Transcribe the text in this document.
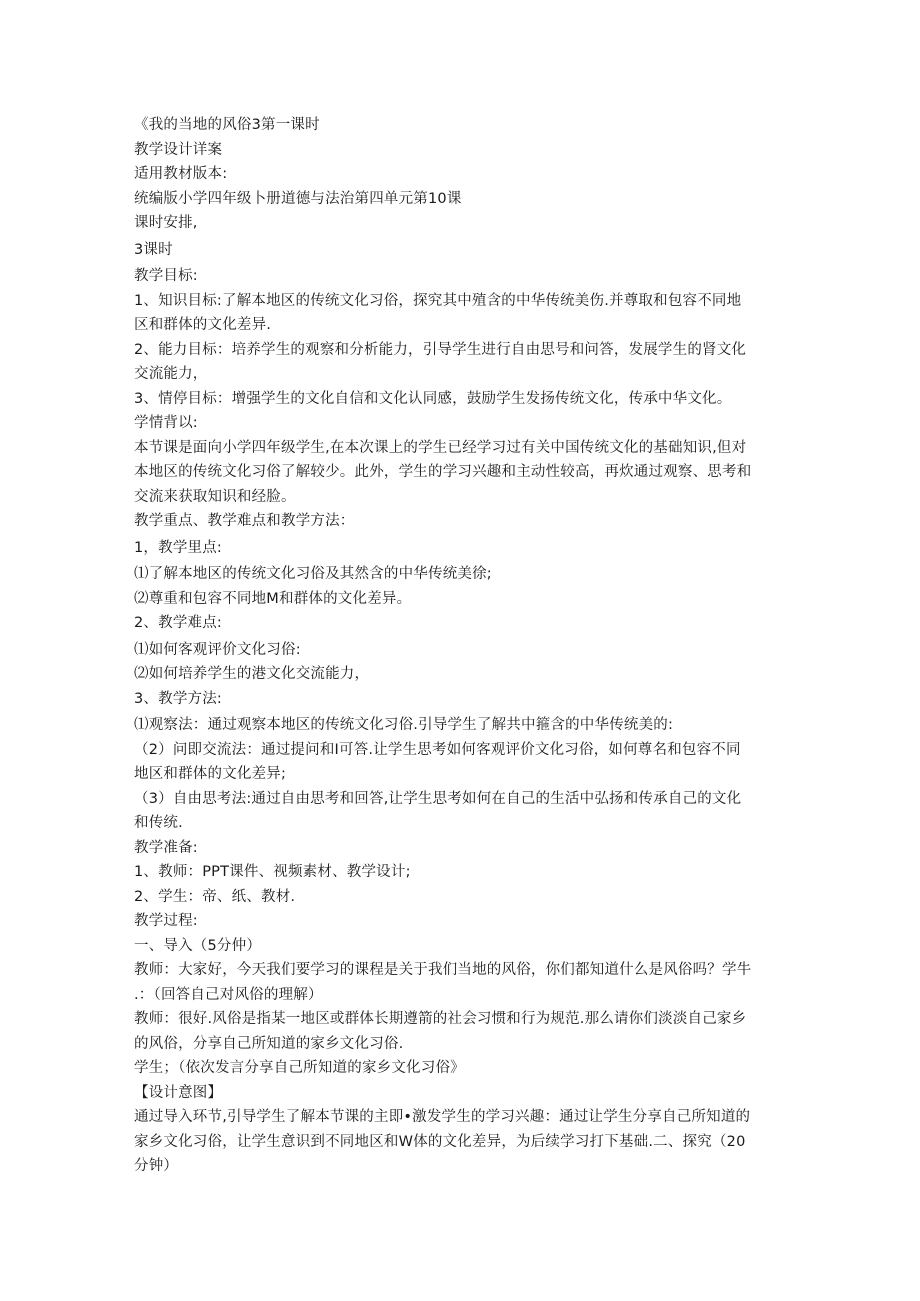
《我的当地的风俗3第一课时
教学设计详案
适用教材版本:
统编版小学四年级卜册道德与法治第四单元第10课
课时安排,
3课时
教学目标:
1、知识目标:了解本地区的传统文化习俗，探究其中殖含的中华传统美伤.并尊取和包容不同地
区和群体的文化差异.
2、能力目标：培养学生的观察和分析能力，引导学生进行自由思号和问答，发展学生的肾文化
交流能力，
3、情停目标：增强学生的文化自信和文化认同感，鼓励学生发扬传统文化，传承中华文化。
学情背以:
本节课是面向小学四年级学生,在本次课上的学生已经学习过有关中国传统文化的基础知识,但对
本地区的传统文化习俗了解较少。此外，学生的学习兴趣和主动性较高，再炊通过观察、思考和
交流来获取知识和经脸。
教学重点、教学难点和教学方法：
1，教学里点:
⑴了解本地区的传统文化习俗及其然含的中华传统美徐;
⑵尊重和包容不同地M和群体的文化差异。
2、教学难点:
⑴如何客观评价文化习俗:
⑵如何培养学生的港文化交流能力，
3、教学方法:
⑴观察法：通过观察本地区的传统文化习俗.引导学生了解共中箍含的中华传统美的:
（2）问即交流法：通过提问和I可答.让学生思考如何客观评价文化习俗，如何尊名和包容不同
地区和群体的文化差异;
（3）自由思考法:通过自由思考和回答,让学生思考如何在自己的生活中弘扬和传承自己的文化
和传统.
教学准备:
1、教师：PPT课件、视频素材、教学设计;
2、学生：帝、纸、教材.
教学过程:
一、导入（5分仲）
教师：大家好，今天我们要学习的课程是关于我们当地的风俗，你们都知道什么是风俗吗？学牛
.：（回答自己对风俗的理解）
教师：很好.风俗是指某一地区或群体长期遵箭的社会习惯和行为规范.那么请你们淡淡自己家乡
的风俗，分享自己所知道的家乡文化习俗.
学生；（依次发言分享自己所知道的家乡文化习俗》
【设计意图】
通过导入环节,引导学生了解本节课的主即•激发学生的学习兴趣：通过让学生分享自己所知道的
家乡文化习俗，让学生意识到不同地区和W体的文化差异，为后续学习打下基础.二、探究（20
分钟）
